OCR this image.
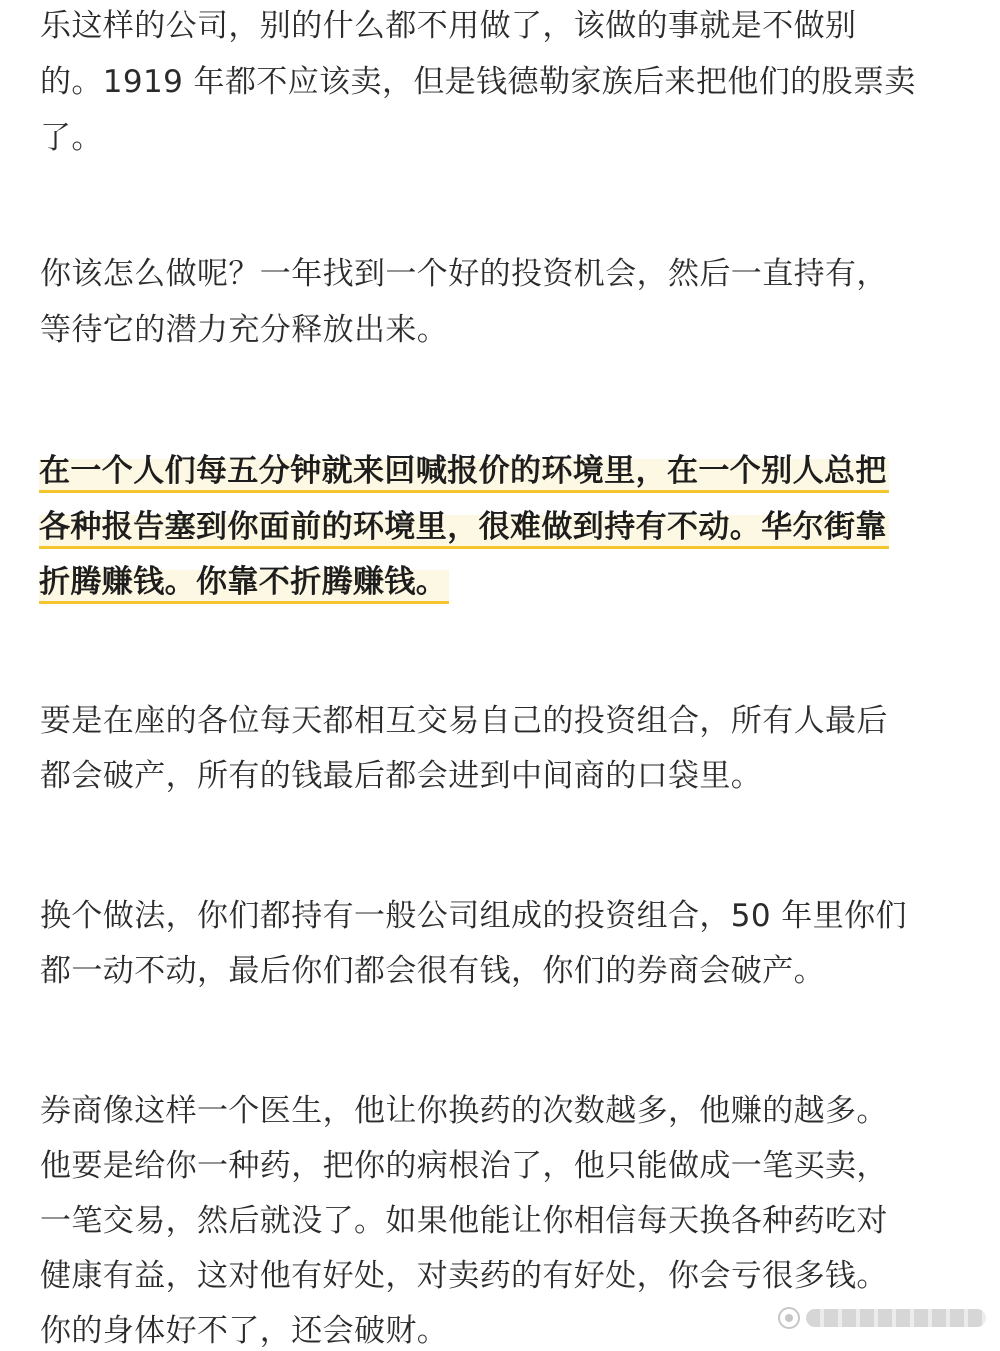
乐这样的公司，别的什么都不用做了，该做的事就是不做别
的。1919 年都不应该卖，但是钱德勒家族后来把他们的股票卖
了。
你该怎么做呢？一年找到一个好的投资机会，然后一直持有，
等待它的潜力充分释放出来。
在一个人们每五分钟就来回喊报价的环境里，在一个别人总把
各种报告塞到你面前的环境里，很难做到持有不动。华尔街靠
折腾赚钱。你靠不折腾赚钱。
要是在座的各位每天都相互交易自己的投资组合，所有人最后
都会破产，所有的钱最后都会进到中间商的口袋里。
换个做法，你们都持有一般公司组成的投资组合，50 年里你们
都一动不动，最后你们都会很有钱，你们的券商会破产。
券商像这样一个医生，他让你换药的次数越多，他赚的越多。
他要是给你一种药，把你的病根治了，他只能做成一笔买卖，
一笔交易，然后就没了。如果他能让你相信每天换各种药吃对
健康有益，这对他有好处，对卖药的有好处，你会亏很多钱。
你的身体好不了，还会破财。
